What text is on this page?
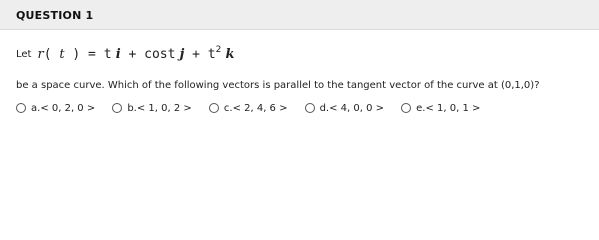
QUESTION 1
Let r( t ) = t i + cost $j + t^2$ k
be a space curve. Which of the following vectors is parallel to the tangent vector of the curve at (0,1,0)?
a. < 0, 2, 0 >
	b. < 1, 0, 2 >
	c. < 2, 4, 6 >
	d. < 4, 0, 0 >
	e. < 1, 0, 1 >
